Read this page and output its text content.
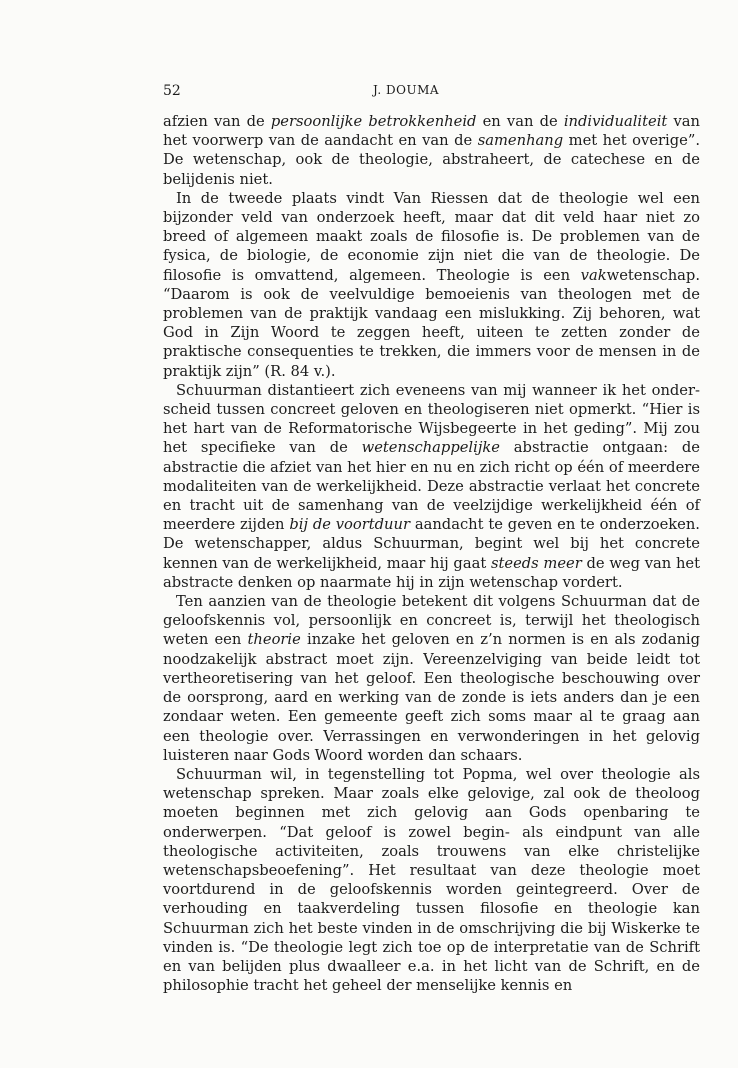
52	J. DOUMA

afzien van de persoonlijke betrokkenheid en van de individualiteit van het voorwerp van de aandacht en van de samenhang met het overige”. De wetenschap, ook de theologie, abstraheert, de catechese en de belijdenis niet.

In de tweede plaats vindt Van Riessen dat de theologie wel een bijzonder veld van onderzoek heeft, maar dat dit veld haar niet zo breed of algemeen maakt zoals de filosofie is. De problemen van de fysica, de biologie, de economie zijn niet die van de theologie. De filosofie is omvattend, algemeen. Theologie is een vakwetenschap. “Daarom is ook de veelvuldige bemoeienis van theologen met de problemen van de praktijk vandaag een mislukking. Zij behoren, wat God in Zijn Woord te zeggen heeft, uiteen te zetten zonder de praktische consequenties te trekken, die immers voor de mensen in de praktijk zijn” (R. 84 v.).

Schuurman distantieert zich eveneens van mij wanneer ik het onderscheid tussen concreet geloven en theologiseren niet opmerkt. “Hier is het hart van de Reformatorische Wijsbegeerte in het geding”. Mij zou het specifieke van de wetenschappelijke abstractie ontgaan: de abstractie die afziet van het hier en nu en zich richt op één of meerdere modaliteiten van de werkelijkheid. Deze abstractie verlaat het concrete en tracht uit de samenhang van de veelzijdige werkelijkheid één of meerdere zijden bij de voortduur aandacht te geven en te onderzoeken. De wetenschapper, aldus Schuurman, begint wel bij het concrete kennen van de werkelijkheid, maar hij gaat steeds meer de weg van het abstracte denken op naarmate hij in zijn wetenschap vordert.

Ten aanzien van de theologie betekent dit volgens Schuurman dat de geloofskennis vol, persoonlijk en concreet is, terwijl het theologisch weten een theorie inzake het geloven en z’n normen is en als zodanig noodzakelijk abstract moet zijn. Vereenzelviging van beide leidt tot vertheoretisering van het geloof. Een theologische beschouwing over de oorsprong, aard en werking van de zonde is iets anders dan je een zondaar weten. Een gemeente geeft zich soms maar al te graag aan een theologie over. Verrassingen en verwonderingen in het gelovig luisteren naar Gods Woord worden dan schaars.

Schuurman wil, in tegenstelling tot Popma, wel over theologie als wetenschap spreken. Maar zoals elke gelovige, zal ook de theoloog moeten beginnen met zich gelovig aan Gods openbaring te onderwerpen. “Dat geloof is zowel begin- als eindpunt van alle theologische activiteiten, zoals trouwens van elke christelijke wetenschapsbeoefening”. Het resultaat van deze theologie moet voortdurend in de geloofskennis worden geintegreerd. Over de verhouding en taakverdeling tussen filosofie en theologie kan Schuurman zich het beste vinden in de omschrijving die bij Wiskerke te vinden is. “De theologie legt zich toe op de interpretatie van de Schrift en van belijden plus dwaalleer e.a. in het licht van de Schrift, en de philosophie tracht het geheel der menselijke kennis en
